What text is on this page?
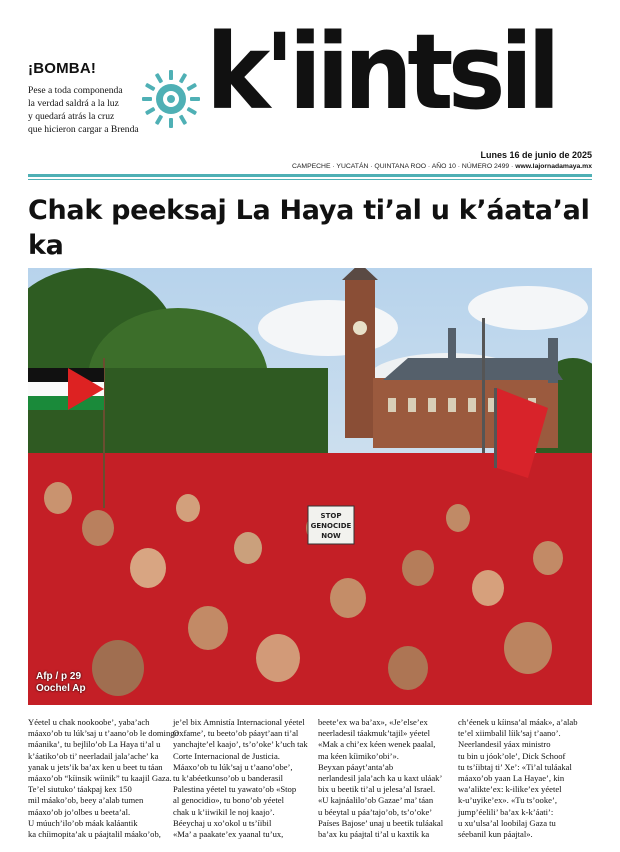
¡BOMBA!
Pese a toda componenda
la verdad saldrá a la luz
y quedará atrás la cruz
que hicieron cargar a Brenda k'iintsil
Lunes 16 de junio de 2025
CAMPECHE · YUCATÁN · QUINTANA ROO · AÑO 10 · NÚMERO 2499 · www.lajornadamaya.mx
Chak peeksaj La Haya ti’al u k’áata’al ka
STOP
GENOCIDE
NOW
Afp / p 29
Oochel Ap
Yéetel u chak nookoobe’, yaba’ach
máaxo’ob tu lúk’saj u t’aano’ob le domingo
máanika’, tu bejlilo’ob La Haya ti’al u
k’áatiko’ob ti’ neerladail jala’ache’ ka
yanak u jets’ik ba’ax ken u beet tu táan
máaxo’ob “kíinsik wíinik” tu kaajil Gaza.
Te’el siutuko’ táakpaj kex 150
mil máako’ob, beey a’alab tumen
máaxo’ob jo’olbes u beeta’al.
U múuch’ilo’ob máak kaláantik
ka chíimopita’ak u páajtalil máako’ob,
je’el bix Amnistía Internacional yéetel
Oxfame’, tu beeto’ob páayt’aan ti’al
yanchajte’el kaajo’, ts’o’oke’ k’uch tak
Corte Internacional de Justicia.
Máaxo’ob tu lúk’saj u t’aano’obe’,
tu k’abéetkunso’ob u banderasil
Palestina yéetel tu yawato’ob «Stop
al genocidio», tu bono’ob yéetel
chak u k’iiwikil le noj kaajo’.
Béeychaj u xo’okol u ts’íibil
«Ma’ a paakate’ex yaanal tu’ux,
beete’ex wa ba’ax», «Je’else’ex
neerladesil táakmuk’tajil» yéetel
«Mak a chi’ex kéen wenek paalal,
ma kéen kíimiko’obi’».
Beyxan páayt’anta’ab
nerlandesil jala’ach ka u kaxt uláak’
bix u beetik ti’al u jelesa’al Israel.
«U kajnáalilo’ob Gazae’ ma’ táan
u béeytal u páa’tajo’ob, ts’o’oke’
Países Bajose’ unaj u beetik tuláakal
ba’ax ku páajtal ti’al u kaxtik ka
ch’éenek u kíinsa’al máak», a’alab
te’el xiimbalil líik’saj t’aano’.
Neerlandesil yáax ministro
tu bin u jóok’ole’, Dick Schoof
tu ts’íibtaj ti’ Xe’: «Ti’al tuláakal
máaxo’ob yaan La Hayae’, kin
wa’alikte’ex: k-ilike’ex yéetel
k-u’uyike’ex». «Tu ts’ooke’,
jump’éelili’ ba’ax k-k’áati’:
u xu’ulsa’al loobilaj Gaza tu
séebanil kun páajtal».
